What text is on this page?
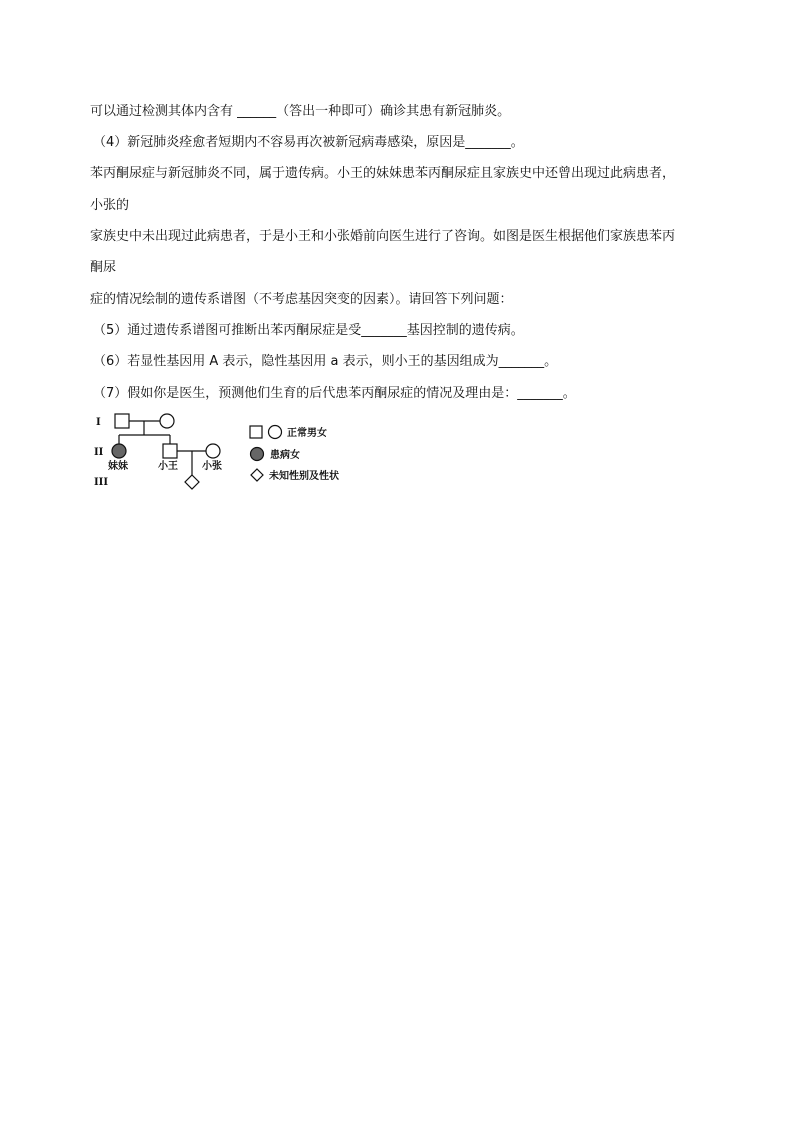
可以通过检测其体内含有 ______（答出一种即可）确诊其患有新冠肺炎。
（4）新冠肺炎痊愈者短期内不容易再次被新冠病毒感染，原因是_______。
苯丙酮尿症与新冠肺炎不同，属于遗传病。小王的妹妹患苯丙酮尿症且家族史中还曾出现过此病患者，
小张的
家族史中未出现过此病患者，于是小王和小张婚前向医生进行了咨询。如图是医生根据他们家族患苯丙
酮尿
症的情况绘制的遗传系谱图（不考虑基因突变的因素）。请回答下列问题：
（5）通过遗传系谱图可推断出苯丙酮尿症是受_______基因控制的遗传病。
（6）若显性基因用 A 表示，隐性基因用 a 表示，则小王的基因组成为_______。
（7）假如你是医生，预测他们生育的后代患苯丙酮尿症的情况及理由是：_______。
I
II
III
妹妹	小王 小张
正常男女
患病女
未知性别及性状
